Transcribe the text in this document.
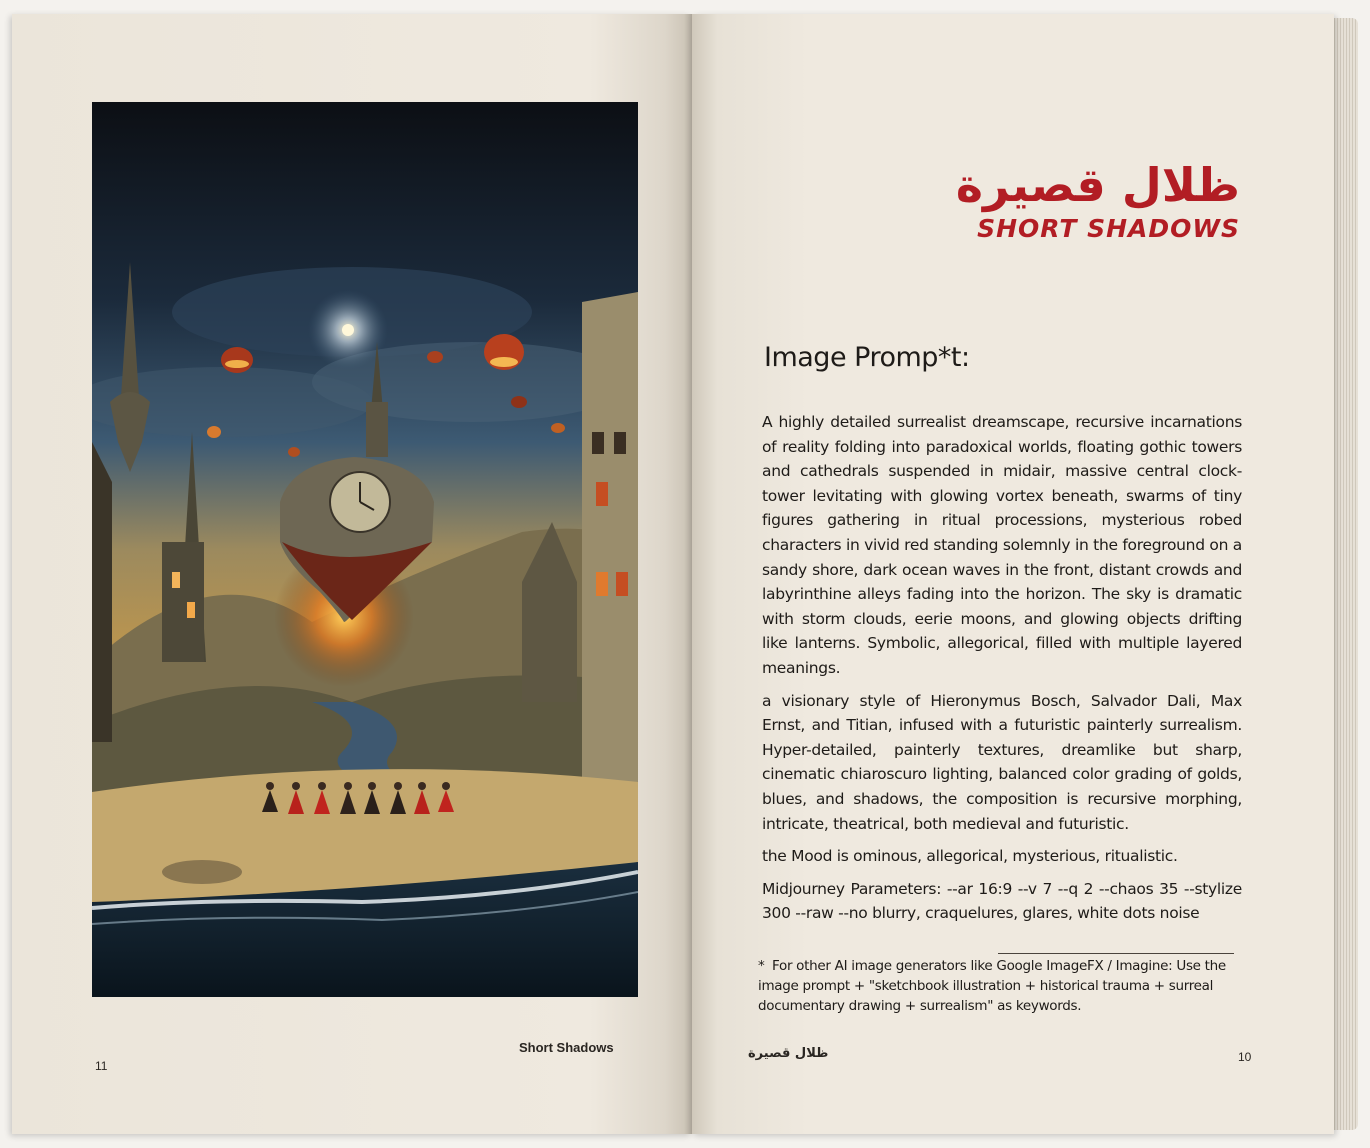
Short Shadows
11
ظلال قصيرة
SHORT SHADOWS
Image Promp*t:

A highly detailed surrealist dreamscape, recursive incarnations of reality folding into paradoxical worlds, floating gothic towers and cathedrals suspended in midair, massive central clock-tower levitating with glowing vortex beneath, swarms of tiny figures gathering in ritual processions, mysterious robed characters in vivid red standing solemnly in the foreground on a sandy shore, dark ocean waves in the front, distant crowds and labyrinthine alleys fading into the horizon. The sky is dramatic with storm clouds, eerie moons, and glowing objects drifting like lanterns. Symbolic, allegorical, filled with multiple layered meanings.

a visionary style of Hieronymus Bosch, Salvador Dali, Max Ernst, and Titian, infused with a futuristic painterly surrealism. Hyper-detailed, painterly textures, dreamlike but sharp, cinematic chiaroscuro lighting, balanced color grading of golds, blues, and shadows, the composition is recursive morphing, intricate, theatrical, both medieval and futuristic.

the Mood is ominous, allegorical, mysterious, ritualistic.

Midjourney Parameters: --ar 16:9 --v 7 --q 2 --chaos 35 --stylize 300 --raw --no blurry, craquelures, glares, white dots noise

* For other AI image generators like Google ImageFX / Imagine: Use the image prompt + "sketchbook illustration + historical trauma + surreal documentary drawing + surrealism" as keywords.
ظلال قصيرة	10
